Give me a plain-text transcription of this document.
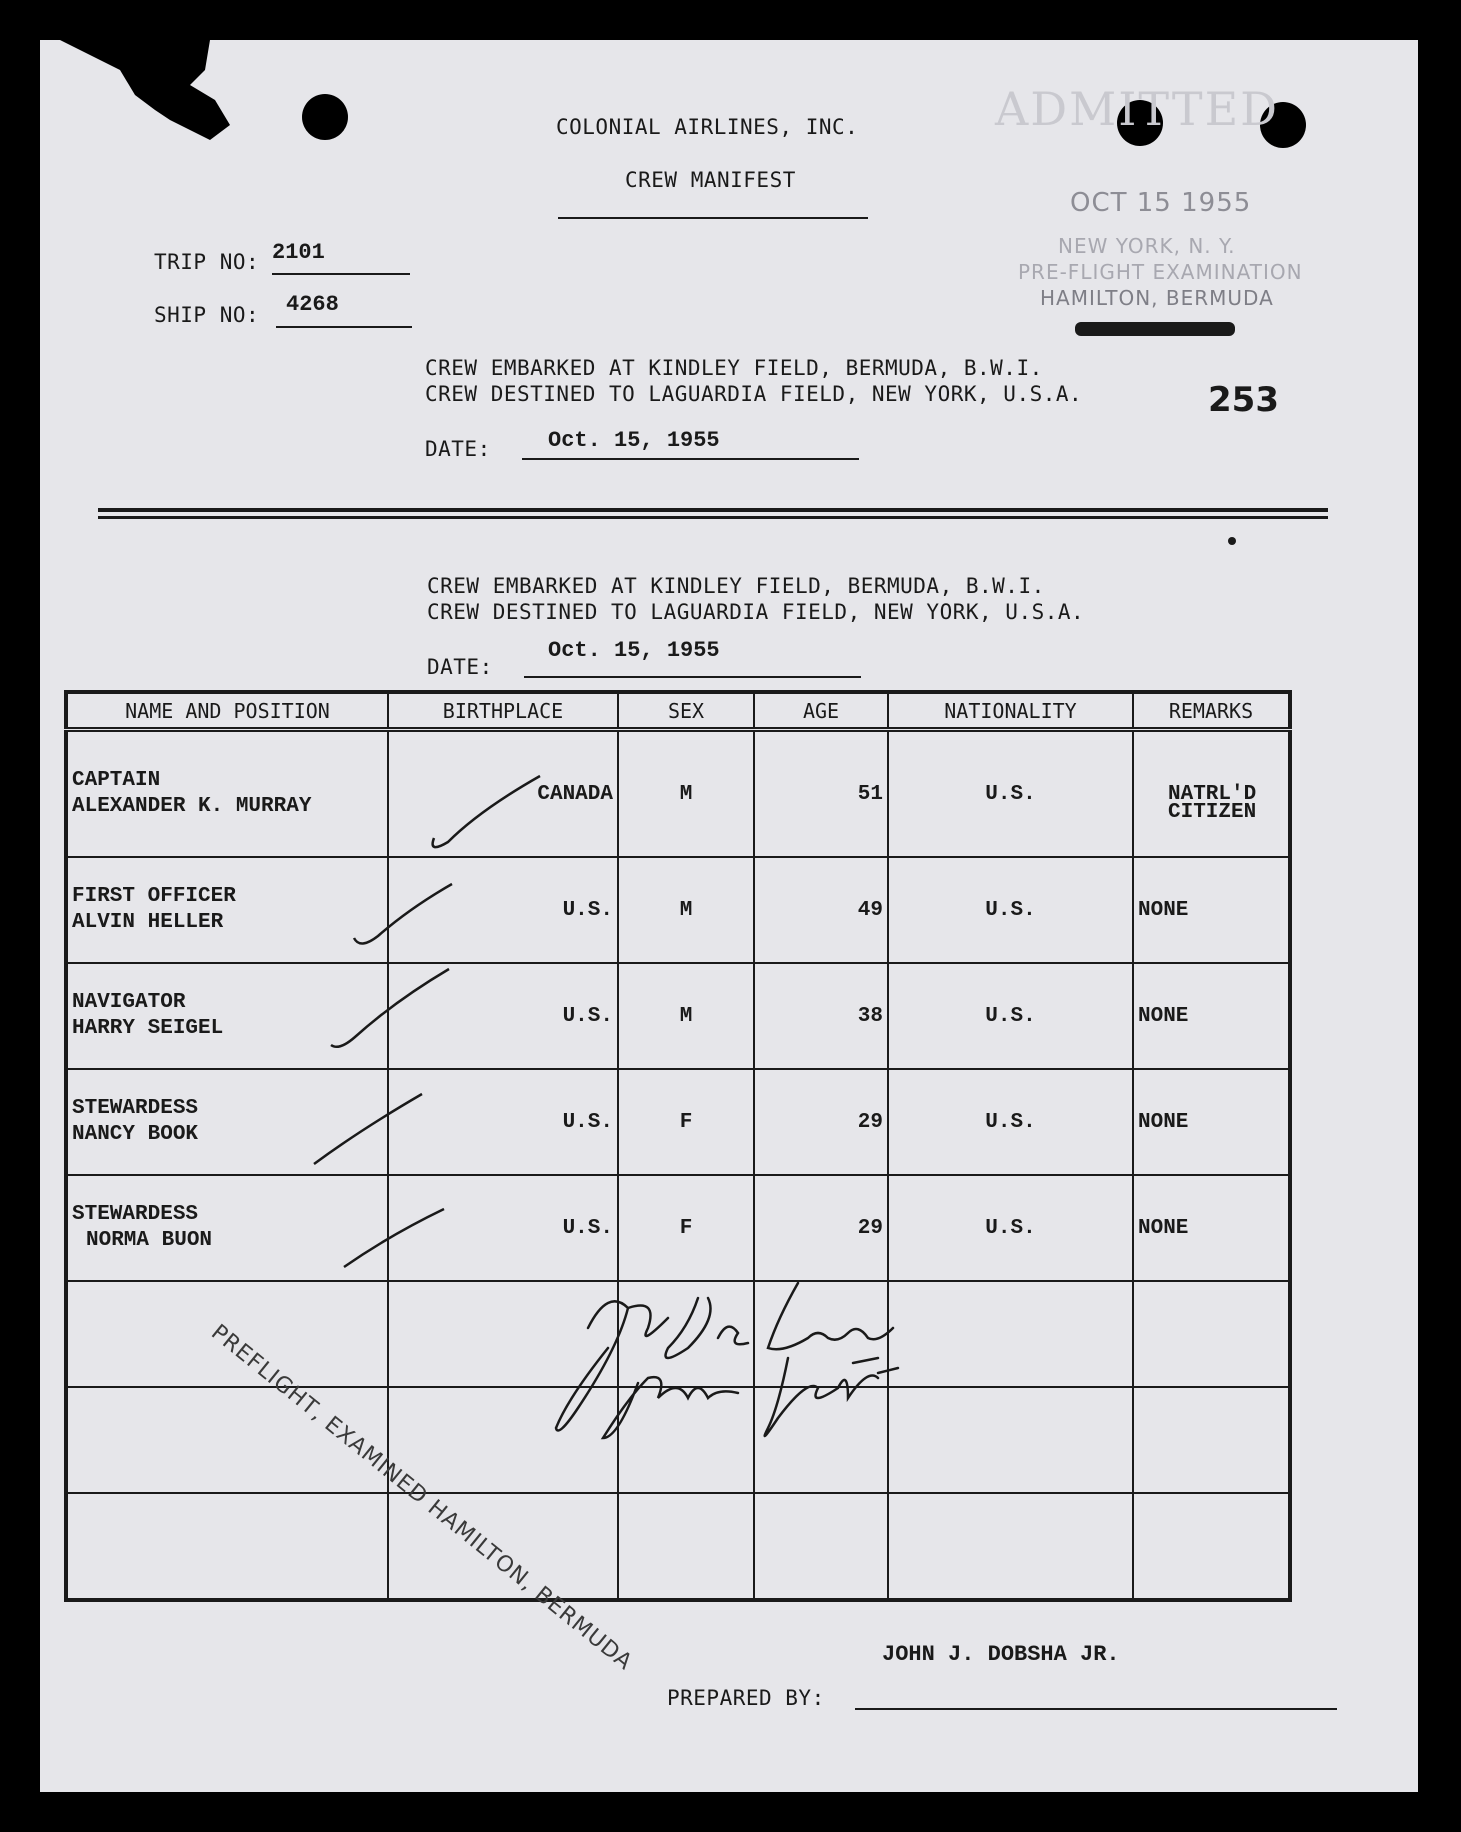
COLONIAL AIRLINES, INC.
CREW MANIFEST
ADMITTED
OCT 15 1955
NEW YORK, N. Y.
PRE-FLIGHT EXAMINATION
HAMILTON, BERMUDA
253
TRIP NO: 2101
SHIP NO: 4268
CREW EMBARKED AT KINDLEY FIELD, BERMUDA, B.W.I.
CREW DESTINED TO LAGUARDIA FIELD, NEW YORK, U.S.A.
DATE:	Oct. 15, 1955
CREW EMBARKED AT KINDLEY FIELD, BERMUDA, B.W.I.
CREW DESTINED TO LAGUARDIA FIELD, NEW YORK, U.S.A.
DATE:
Oct. 15, 1955
NAME AND POSITION	BIRTHPLACE	SEX	AGE	NATIONALITY	REMARKS

CAPTAIN
ALEXANDER K. MURRAY	CANADA	M	51	U.S.	NATRL'D CITIZEN

FIRST OFFICER
ALVIN HELLER	U.S.	M	49	U.S.	NONE

NAVIGATOR
HARRY SEIGEL	U.S.	M	38	U.S.	NONE

STEWARDESS
NANCY BOOK	U.S.	F	29	U.S.	NONE

STEWARDESS
NORMA BUON	U.S.	F	29	U.S.	NONE

PREFLIGHT, EXAMINED HAMILTON, BERMUDA	JOHN J. DOBSHA JR.
PREPARED BY:
